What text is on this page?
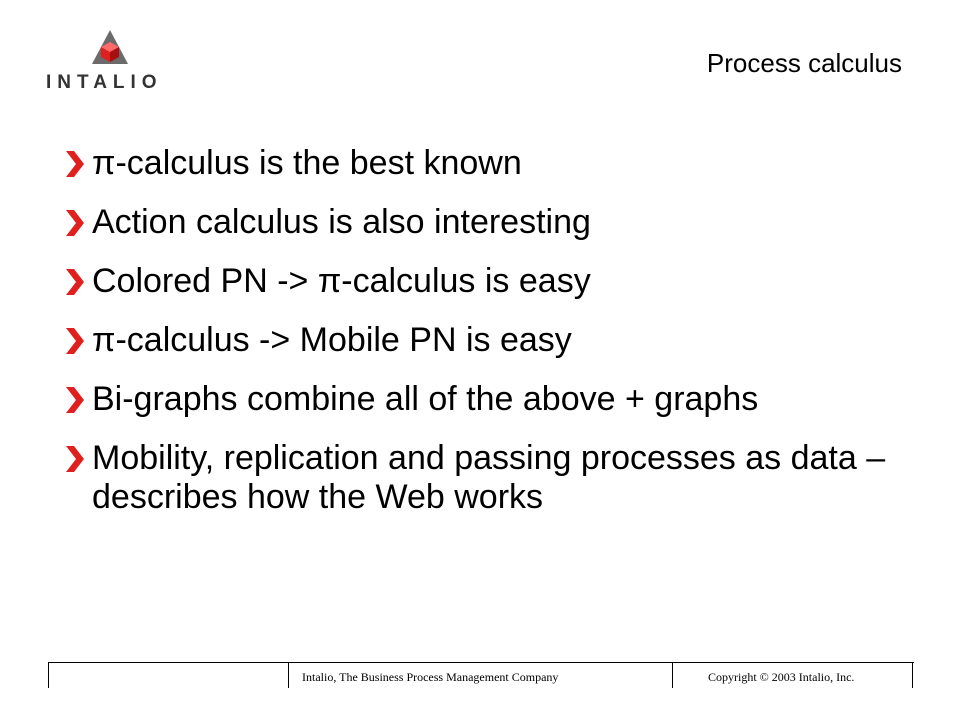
INTALIO
Process calculus
π-calculus is the best known
Action calculus is also interesting
Colored PN -> π-calculus is easy
π-calculus -> Mobile PN is easy
Bi-graphs combine all of the above + graphs
Mobility, replication and passing processes as data – describes how the Web works
Intalio, The Business Process Management Company	Copyright © 2003 Intalio, Inc.
